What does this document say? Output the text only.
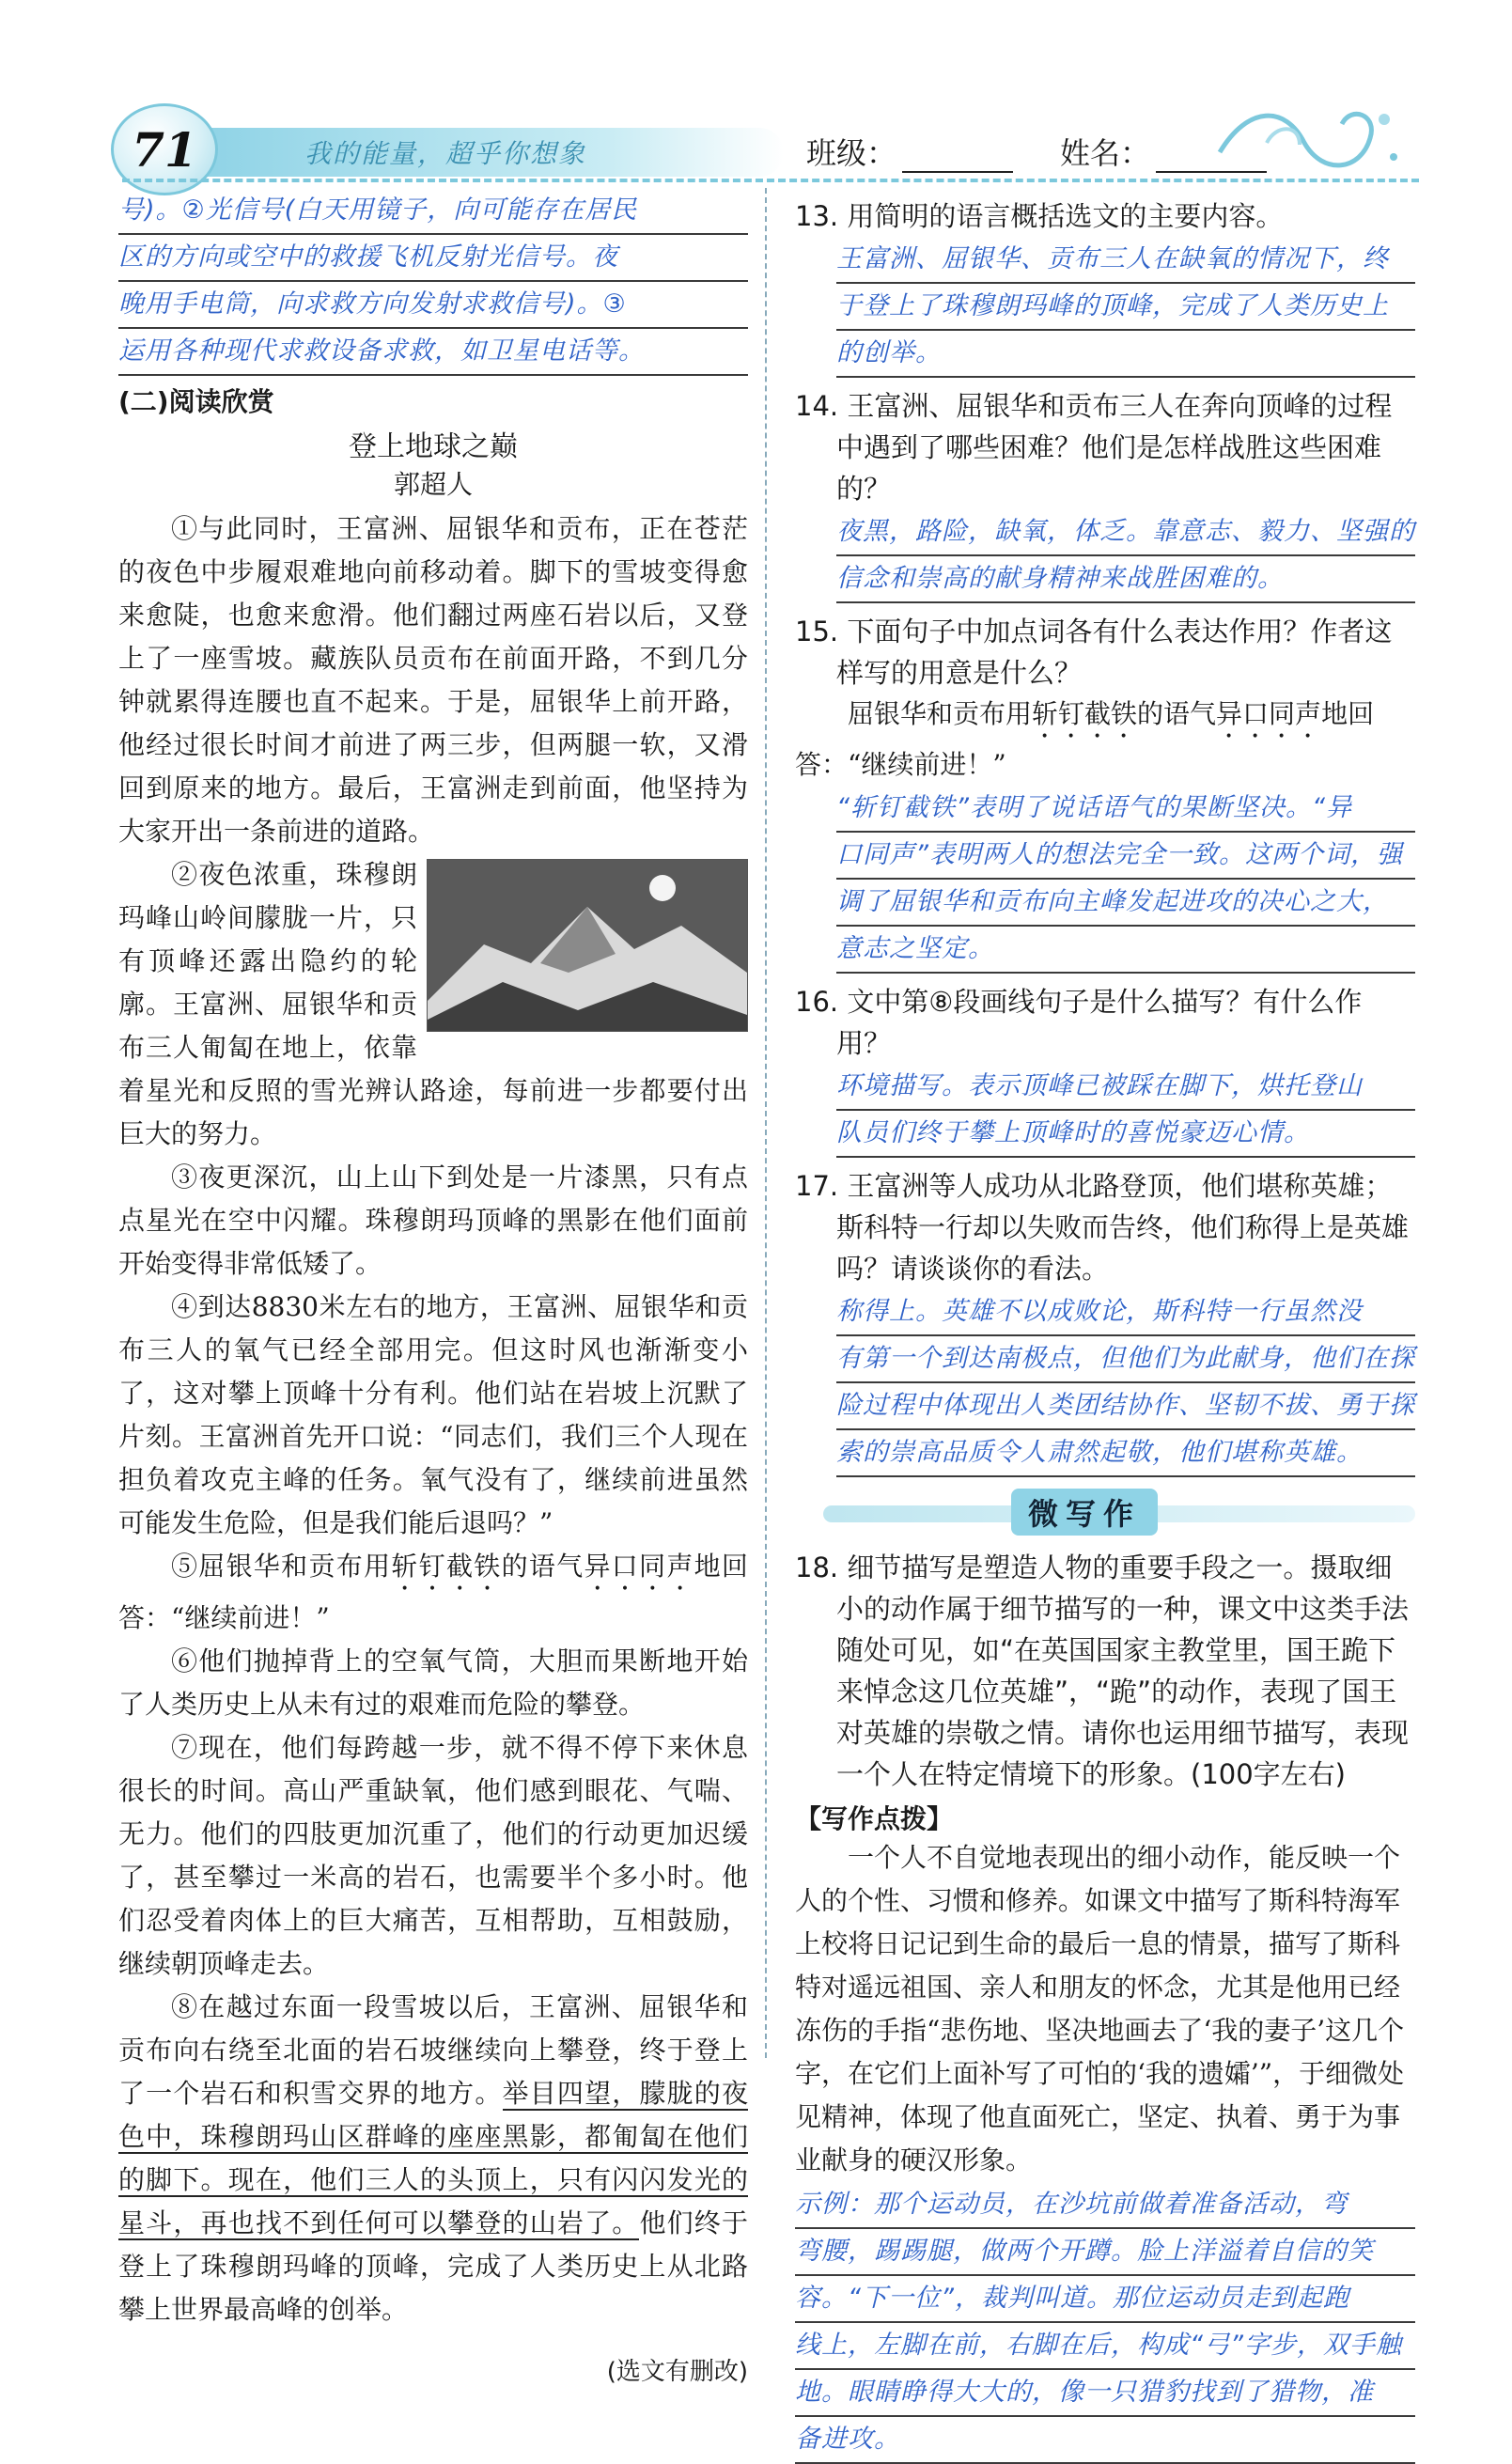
71	我的能量，超乎你想象	班级：	姓名：
号)。②光信号(白天用镜子，向可能存在居民
区的方向或空中的救援飞机反射光信号。夜
晚用手电筒，向求救方向发射求救信号)。③
运用各种现代求救设备求救，如卫星电话等。
(二)阅读欣赏
登上地球之巅
郭超人

①与此同时，王富洲、屈银华和贡布，正在苍茫的夜色中步履艰难地向前移动着。脚下的雪坡变得愈来愈陡，也愈来愈滑。他们翻过两座石岩以后，又登上了一座雪坡。藏族队员贡布在前面开路，不到几分钟就累得连腰也直不起来。于是，屈银华上前开路，他经过很长时间才前进了两三步，但两腿一软，又滑回到原来的地方。最后，王富洲走到前面，他坚持为大家开出一条前进的道路。

②夜色浓重，珠穆朗玛峰山岭间朦胧一片，只有顶峰还露出隐约的轮廓。王富洲、屈银华和贡布三人匍匐在地上，依靠着星光和反照的雪光辨认路途，每前进一步都要付出巨大的努力。

③夜更深沉，山上山下到处是一片漆黑，只有点点星光在空中闪耀。珠穆朗玛顶峰的黑影在他们面前开始变得非常低矮了。

④到达8830米左右的地方，王富洲、屈银华和贡布三人的氧气已经全部用完。但这时风也渐渐变小了，这对攀上顶峰十分有利。他们站在岩坡上沉默了片刻。王富洲首先开口说：“同志们，我们三个人现在担负着攻克主峰的任务。氧气没有了，继续前进虽然可能发生危险，但是我们能后退吗？”

⑤屈银华和贡布用斩钉截铁的语气异口同声地回答：“继续前进！”

⑥他们抛掉背上的空氧气筒，大胆而果断地开始了人类历史上从未有过的艰难而危险的攀登。

⑦现在，他们每跨越一步，就不得不停下来休息很长的时间。高山严重缺氧，他们感到眼花、气喘、无力。他们的四肢更加沉重了，他们的行动更加迟缓了，甚至攀过一米高的岩石，也需要半个多小时。他们忍受着肉体上的巨大痛苦，互相帮助，互相鼓励，继续朝顶峰走去。

⑧在越过东面一段雪坡以后，王富洲、屈银华和贡布向右绕至北面的岩石坡继续向上攀登，终于登上了一个岩石和积雪交界的地方。举目四望，朦胧的夜色中，珠穆朗玛山区群峰的座座黑影，都匍匐在他们的脚下。现在，他们三人的头顶上，只有闪闪发光的星斗，再也找不到任何可以攀登的山岩了。他们终于登上了珠穆朗玛峰的顶峰，完成了人类历史上从北路攀上世界最高峰的创举。

(选文有删改)

13. 用简明的语言概括选文的主要内容。

王富洲、屈银华、贡布三人在缺氧的情况下，终
于登上了珠穆朗玛峰的顶峰，完成了人类历史上
的创举。

14. 王富洲、屈银华和贡布三人在奔向顶峰的过程中遇到了哪些困难？他们是怎样战胜这些困难的？

夜黑，路险，缺氧，体乏。靠意志、毅力、坚强的
信念和崇高的献身精神来战胜困难的。

15. 下面句子中加点词各有什么表达作用？作者这样写的用意是什么？

屈银华和贡布用斩钉截铁的语气异口同声地回答：“继续前进！”

“斩钉截铁”表明了说话语气的果断坚决。“异
口同声”表明两人的想法完全一致。这两个词，强
调了屈银华和贡布向主峰发起进攻的决心之大，
意志之坚定。

16. 文中第⑧段画线句子是什么描写？有什么作用？

环境描写。表示顶峰已被踩在脚下，烘托登山
队员们终于攀上顶峰时的喜悦豪迈心情。

17. 王富洲等人成功从北路登顶，他们堪称英雄；斯科特一行却以失败而告终，他们称得上是英雄吗？请谈谈你的看法。

称得上。英雄不以成败论，斯科特一行虽然没
有第一个到达南极点，但他们为此献身，他们在探
险过程中体现出人类团结协作、坚韧不拔、勇于探
索的崇高品质令人肃然起敬，他们堪称英雄。
微写作

18. 细节描写是塑造人物的重要手段之一。摄取细小的动作属于细节描写的一种，课文中这类手法随处可见，如“在英国国家主教堂里，国王跪下来悼念这几位英雄”，“跪”的动作，表现了国王对英雄的崇敬之情。请你也运用细节描写，表现一个人在特定情境下的形象。(100字左右)

【写作点拨】

一个人不自觉地表现出的细小动作，能反映一个人的个性、习惯和修养。如课文中描写了斯科特海军上校将日记记到生命的最后一息的情景，描写了斯科特对遥远祖国、亲人和朋友的怀念，尤其是他用已经冻伤的手指“悲伤地、坚决地画去了‘我的妻子’这几个字，在它们上面补写了可怕的‘我的遗孀’”，于细微处见精神，体现了他直面死亡，坚定、执着、勇于为事业献身的硬汉形象。

示例：那个运动员，在沙坑前做着准备活动，弯
弯腰，踢踢腿，做两个开蹲。脸上洋溢着自信的笑
容。“下一位”，裁判叫道。那位运动员走到起跑
线上，左脚在前，右脚在后，构成“弓”字步，双手触
地。眼睛睁得大大的，像一只猎豹找到了猎物，准
备进攻。
